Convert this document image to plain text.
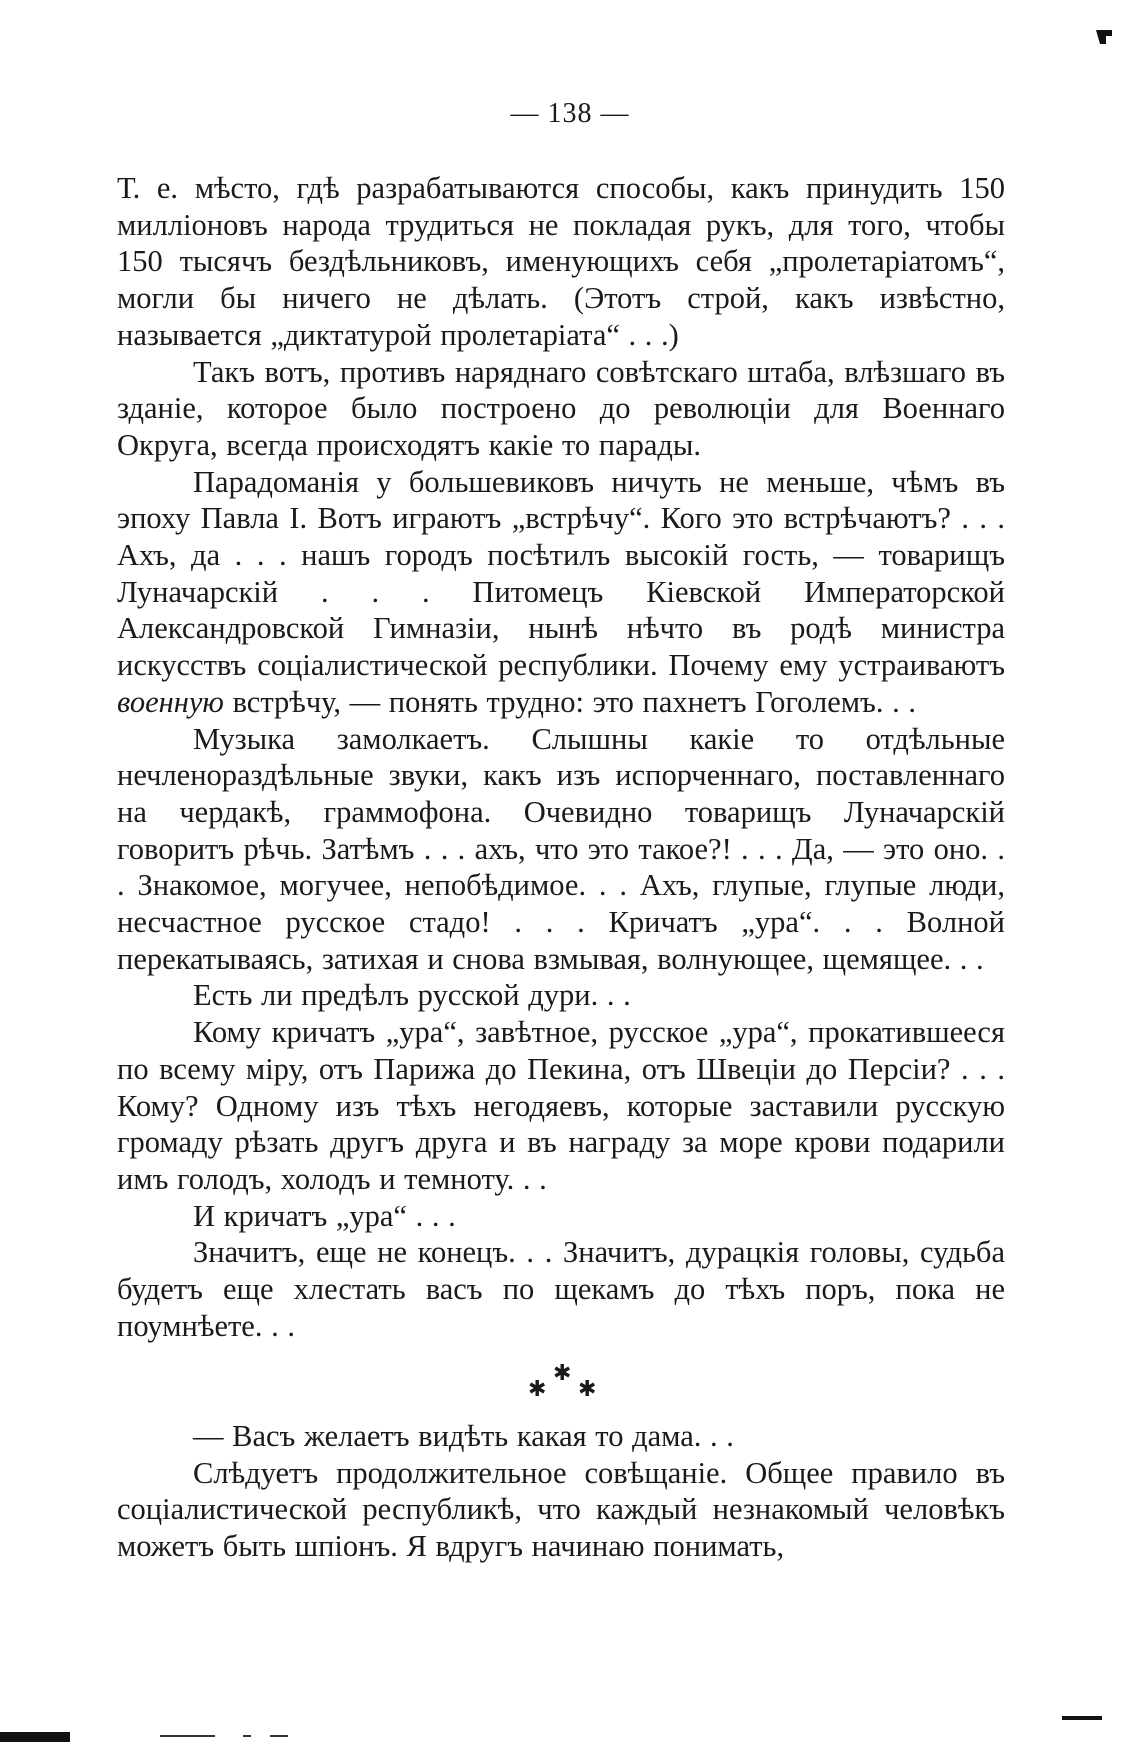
— 138 —

Т. е. мѣсто, гдѣ разрабатываются способы, какъ принудить 150 милліоновъ народа трудиться не покладая рукъ, для того, чтобы 150 тысячъ бездѣльниковъ, именующихъ себя „пролетаріатомъ“, могли бы ничего не дѣлать. (Этотъ строй, какъ извѣстно, называется „диктатурой пролетаріата“ . . .)

Такъ вотъ, противъ наряднаго совѣтскаго штаба, влѣзшаго въ зданіе, которое было построено до революціи для Военнаго Округа, всегда происходятъ какіе то парады.

Парадоманія у большевиковъ ничуть не меньше, чѣмъ въ эпоху Павла I. Вотъ играютъ „встрѣчу“. Кого это встрѣчаютъ? . . . Ахъ, да . . . нашъ городъ посѣтилъ высокій гость, — товарищъ Луначарскій . . . Питомецъ Кіевской Императорской Александровской Гимназіи, нынѣ нѣчто въ родѣ министра искусствъ соціалистической республики. Почему ему устраиваютъ военную встрѣчу, — понять трудно: это пахнетъ Гоголемъ. . .

Музыка замолкаетъ. Слышны какіе то отдѣльные нечленораздѣльные звуки, какъ изъ испорченнаго, поставленнаго на чердакѣ, граммофона. Очевидно товарищъ Луначарскій говоритъ рѣчь. Затѣмъ . . . ахъ, что это такое?! . . . Да, — это оно. . . Знакомое, могучее, непобѣдимое. . . Ахъ, глупые, глупые люди, несчастное русское стадо! . . . Кричатъ „ура“. . . Волной перекатываясь, затихая и снова взмывая, волнующее, щемящее. . .

Есть ли предѣлъ русской дури. . .

Кому кричатъ „ура“, завѣтное, русское „ура“, прокатившееся по всему міру, отъ Парижа до Пекина, отъ Швеціи до Персіи? . . . Кому? Одному изъ тѣхъ негодяевъ, которые заставили русскую громаду рѣзать другъ друга и въ награду за море крови подарили имъ голодъ, холодъ и темноту. . .

И кричатъ „ура“ . . .

Значитъ, еще не конецъ. . . Значитъ, дурацкія головы, судьба будетъ еще хлестать васъ по щекамъ до тѣхъ поръ, пока не поумнѣете. . .

✱
✱
✱

— Васъ желаетъ видѣть какая то дама. . .

Слѣдуетъ продолжительное совѣщаніе. Общее правило въ соціалистической республикѣ, что каждый незнакомый человѣкъ можетъ быть шпіонъ. Я вдругъ начинаю понимать,
